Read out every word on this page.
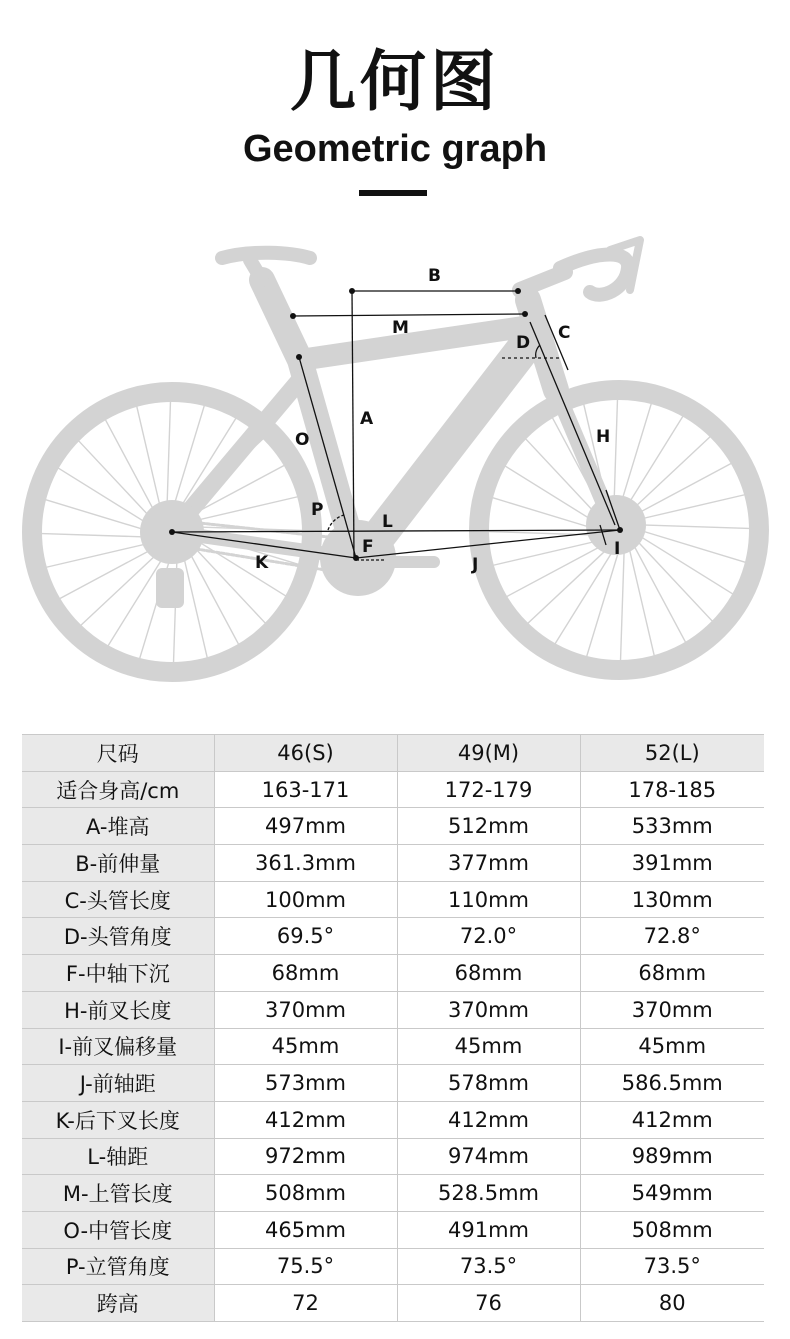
几何图
Geometric graph
B
M	C
D
A
H
O
P
L
F	I
K	J
尺码	46(S)	49(M)	52(L)
适合身高/cm	163-171	172-179	178-185
A-堆高	497mm	512mm	533mm
B-前伸量	361.3mm	377mm	391mm
C-头管长度	100mm	110mm	130mm
D-头管角度	69.5°	72.0°	72.8°
F-中轴下沉	68mm	68mm	68mm
H-前叉长度	370mm	370mm	370mm
I-前叉偏移量	45mm	45mm	45mm
J-前轴距	573mm	578mm	586.5mm
K-后下叉长度	412mm	412mm	412mm
L-轴距	972mm	974mm	989mm
M-上管长度	508mm	528.5mm	549mm
O-中管长度	465mm	491mm	508mm
P-立管角度	75.5°	73.5°	73.5°
跨高	72	76	80
